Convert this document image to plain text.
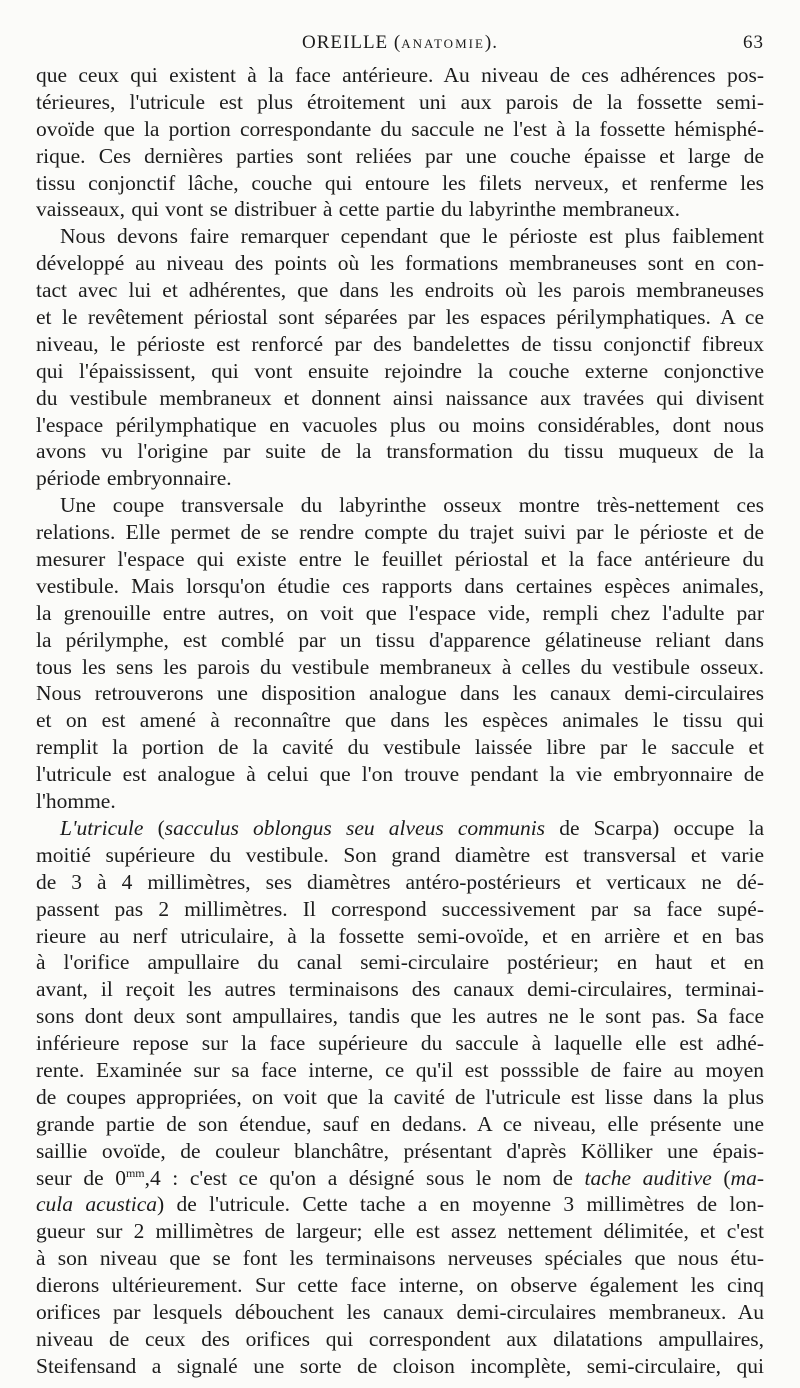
OREILLE (ANATOMIE).	63
que ceux qui existent à la face antérieure. Au niveau de ces adhérences pos-
térieures, l'utricule est plus étroitement uni aux parois de la fossette semi-
ovoïde que la portion correspondante du saccule ne l'est à la fossette hémisphé-
rique. Ces dernières parties sont reliées par une couche épaisse et large de
tissu conjonctif lâche, couche qui entoure les filets nerveux, et renferme les
vaisseaux, qui vont se distribuer à cette partie du labyrinthe membraneux.
Nous devons faire remarquer cependant que le périoste est plus faiblement
développé au niveau des points où les formations membraneuses sont en con-
tact avec lui et adhérentes, que dans les endroits où les parois membraneuses
et le revêtement périostal sont séparées par les espaces périlymphatiques. A ce
niveau, le périoste est renforcé par des bandelettes de tissu conjonctif fibreux
qui l'épaississent, qui vont ensuite rejoindre la couche externe conjonctive
du vestibule membraneux et donnent ainsi naissance aux travées qui divisent
l'espace périlymphatique en vacuoles plus ou moins considérables, dont nous
avons vu l'origine par suite de la transformation du tissu muqueux de la
période embryonnaire.
Une coupe transversale du labyrinthe osseux montre très-nettement ces
relations. Elle permet de se rendre compte du trajet suivi par le périoste et de
mesurer l'espace qui existe entre le feuillet périostal et la face antérieure du
vestibule. Mais lorsqu'on étudie ces rapports dans certaines espèces animales,
la grenouille entre autres, on voit que l'espace vide, rempli chez l'adulte par
la périlymphe, est comblé par un tissu d'apparence gélatineuse reliant dans
tous les sens les parois du vestibule membraneux à celles du vestibule osseux.
Nous retrouverons une disposition analogue dans les canaux demi-circulaires
et on est amené à reconnaître que dans les espèces animales le tissu qui
remplit la portion de la cavité du vestibule laissée libre par le saccule et
l'utricule est analogue à celui que l'on trouve pendant la vie embryonnaire de
l'homme.
L'utricule (sacculus oblongus seu alveus communis de Scarpa) occupe la
moitié supérieure du vestibule. Son grand diamètre est transversal et varie
de 3 à 4 millimètres, ses diamètres antéro-postérieurs et verticaux ne dé-
passent pas 2 millimètres. Il correspond successivement par sa face supé-
rieure au nerf utriculaire, à la fossette semi-ovoïde, et en arrière et en bas
à l'orifice ampullaire du canal semi-circulaire postérieur; en haut et en
avant, il reçoit les autres terminaisons des canaux demi-circulaires, terminai-
sons dont deux sont ampullaires, tandis que les autres ne le sont pas. Sa face
inférieure repose sur la face supérieure du saccule à laquelle elle est adhé-
rente. Examinée sur sa face interne, ce qu'il est posssible de faire au moyen
de coupes appropriées, on voit que la cavité de l'utricule est lisse dans la plus
grande partie de son étendue, sauf en dedans. A ce niveau, elle présente une
saillie ovoïde, de couleur blanchâtre, présentant d'après Kölliker une épais-
seur de $0^{mm},4$ : c'est ce qu'on a désigné sous le nom de tache auditive (ma-
cula acustica) de l'utricule. Cette tache a en moyenne 3 millimètres de lon-
gueur sur 2 millimètres de largeur; elle est assez nettement délimitée, et c'est
à son niveau que se font les terminaisons nerveuses spéciales que nous étu-
dierons ultérieurement. Sur cette face interne, on observe également les cinq
orifices par lesquels débouchent les canaux demi-circulaires membraneux. Au
niveau de ceux des orifices qui correspondent aux dilatations ampullaires,
Steifensand a signalé une sorte de cloison incomplète, semi-circulaire, qui
